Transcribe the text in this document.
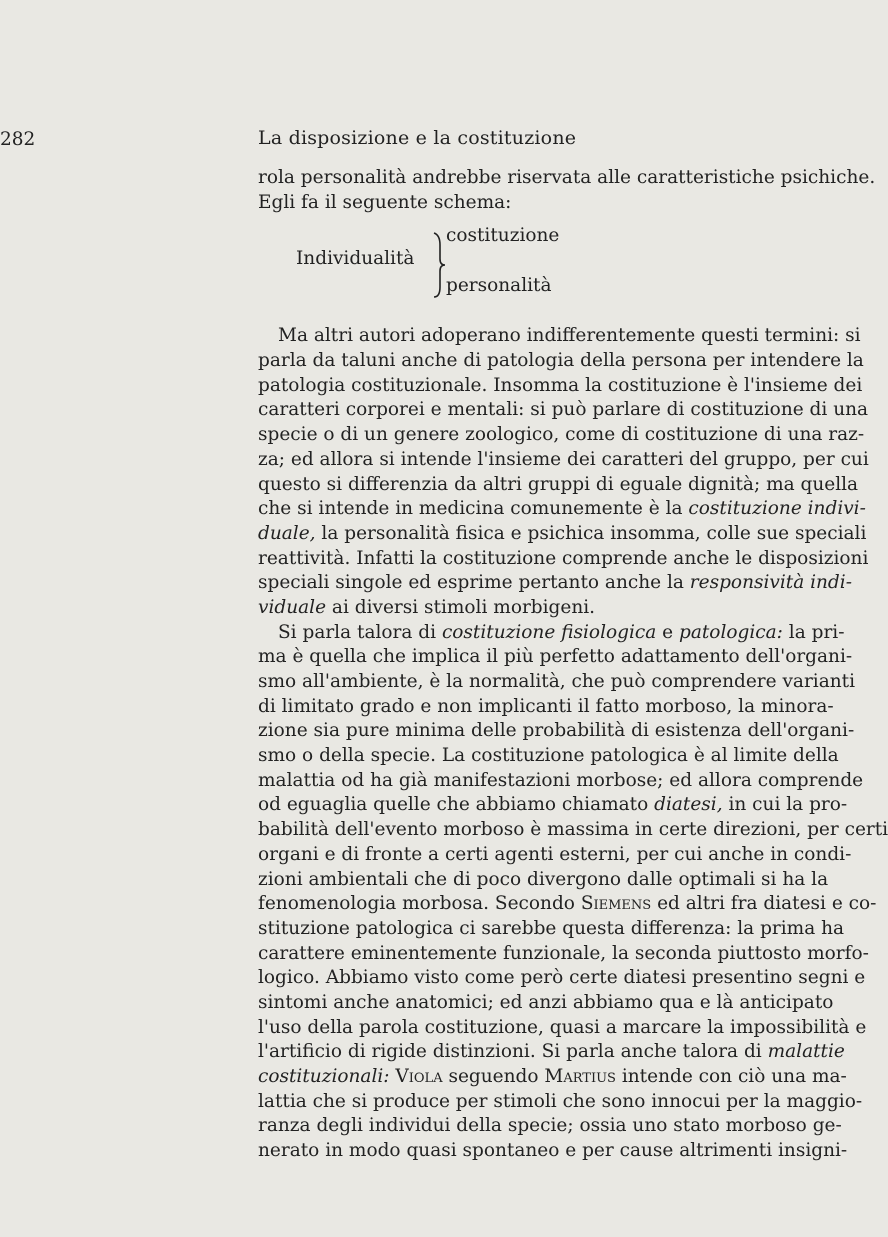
282	La disposizione e la costituzione
rola personalità andrebbe riservata alle caratteristiche psichiche.
Egli fa il seguente schema:
Individualità
costituzione
personalità
Ma altri autori adoperano indifferentemente questi termini: si
parla da taluni anche di patologia della persona per intendere la
patologia costituzionale. Insomma la costituzione è l'insieme dei
caratteri corporei e mentali: si può parlare di costituzione di una
specie o di un genere zoologico, come di costituzione di una raz-
za; ed allora si intende l'insieme dei caratteri del gruppo, per cui
questo si differenzia da altri gruppi di eguale dignità; ma quella
che si intende in medicina comunemente è la costituzione indivi-
duale, la personalità fisica e psichica insomma, colle sue speciali
reattività. Infatti la costituzione comprende anche le disposizioni
speciali singole ed esprime pertanto anche la responsività indi-
viduale ai diversi stimoli morbigeni.
Si parla talora di costituzione fisiologica e patologica: la pri-
ma è quella che implica il più perfetto adattamento dell'organi-
smo all'ambiente, è la normalità, che può comprendere varianti
di limitato grado e non implicanti il fatto morboso, la minora-
zione sia pure minima delle probabilità di esistenza dell'organi-
smo o della specie. La costituzione patologica è al limite della
malattia od ha già manifestazioni morbose; ed allora comprende
od eguaglia quelle che abbiamo chiamato diatesi, in cui la pro-
babilità dell'evento morboso è massima in certe direzioni, per certi
organi e di fronte a certi agenti esterni, per cui anche in condi-
zioni ambientali che di poco divergono dalle optimali si ha la
fenomenologia morbosa. Secondo Siemens ed altri fra diatesi e co-
stituzione patologica ci sarebbe questa differenza: la prima ha
carattere eminentemente funzionale, la seconda piuttosto morfo-
logico. Abbiamo visto come però certe diatesi presentino segni e
sintomi anche anatomici; ed anzi abbiamo qua e là anticipato
l'uso della parola costituzione, quasi a marcare la impossibilità e
l'artificio di rigide distinzioni. Si parla anche talora di malattie
costituzionali: Viola seguendo Martius intende con ciò una ma-
lattia che si produce per stimoli che sono innocui per la maggio-
ranza degli individui della specie; ossia uno stato morboso ge-
nerato in modo quasi spontaneo e per cause altrimenti insigni-
